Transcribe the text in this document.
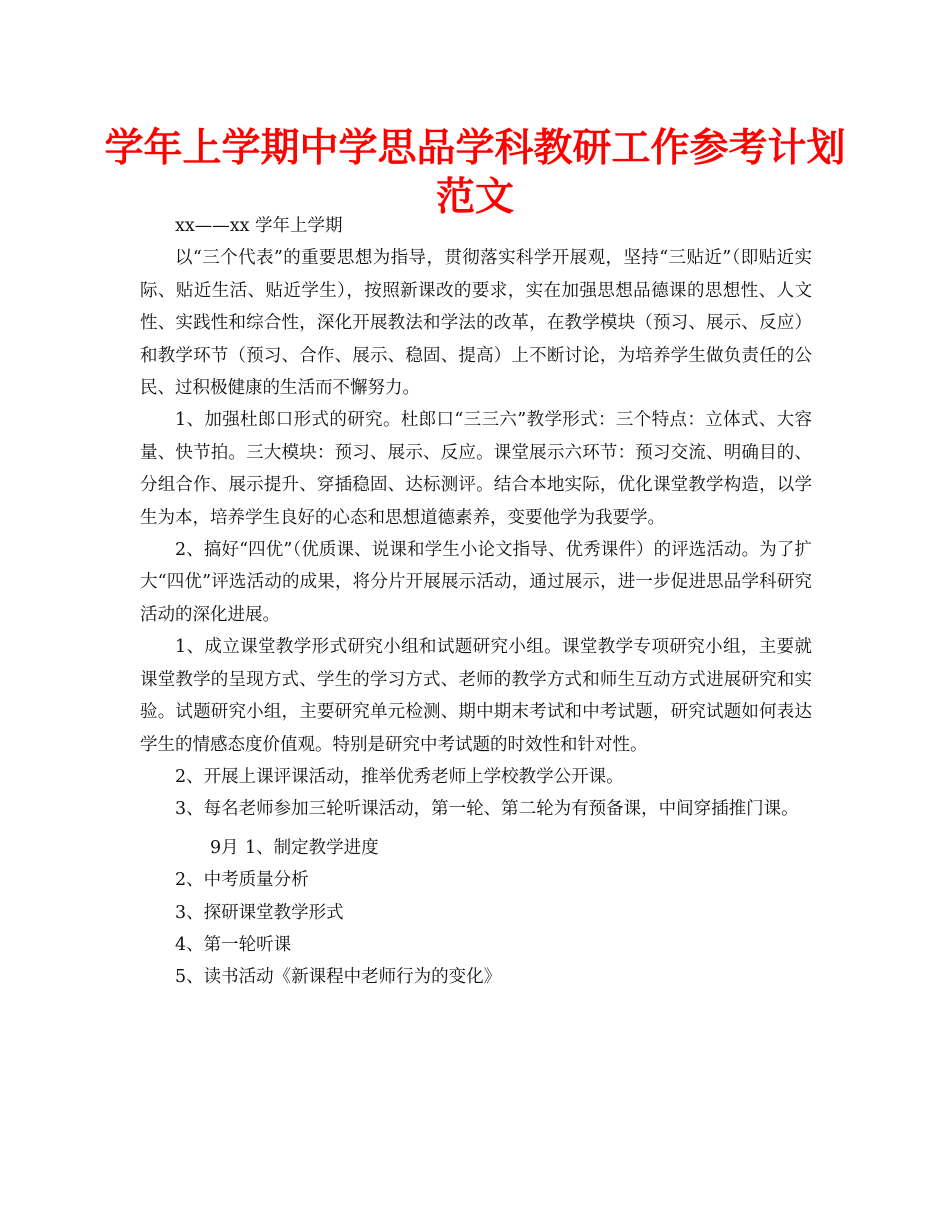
学年上学期中学思品学科教研工作参考计划范文

xx——xx 学年上学期

以“三个代表”的重要思想为指导，贯彻落实科学开展观，坚持“三贴近”（即贴近实际、贴近生活、贴近学生），按照新课改的要求，实在加强思想品德课的思想性、人文性、实践性和综合性，深化开展教法和学法的改革，在教学模块（预习、展示、反应）和教学环节（预习、合作、展示、稳固、提高）上不断讨论，为培养学生做负责任的公民、过积极健康的生活而不懈努力。

1、加强杜郎口形式的研究。杜郎口“三三六”教学形式：三个特点：立体式、大容量、快节拍。三大模块：预习、展示、反应。课堂展示六环节：预习交流、明确目的、分组合作、展示提升、穿插稳固、达标测评。结合本地实际，优化课堂教学构造，以学生为本，培养学生良好的心态和思想道德素养，变要他学为我要学。

2、搞好“四优”（优质课、说课和学生小论文指导、优秀课件）的评选活动。为了扩大“四优”评选活动的成果，将分片开展展示活动，通过展示，进一步促进思品学科研究活动的深化进展。

1、成立课堂教学形式研究小组和试题研究小组。课堂教学专项研究小组，主要就课堂教学的呈现方式、学生的学习方式、老师的教学方式和师生互动方式进展研究和实验。试题研究小组，主要研究单元检测、期中期末考试和中考试题，研究试题如何表达学生的情感态度价值观。特别是研究中考试题的时效性和针对性。

2、开展上课评课活动，推举优秀老师上学校教学公开课。

3、每名老师参加三轮听课活动，第一轮、第二轮为有预备课，中间穿插推门课。

9月 1、制定教学进度

2、中考质量分析

3、探研课堂教学形式

4、第一轮听课

5、读书活动《新课程中老师行为的变化》
